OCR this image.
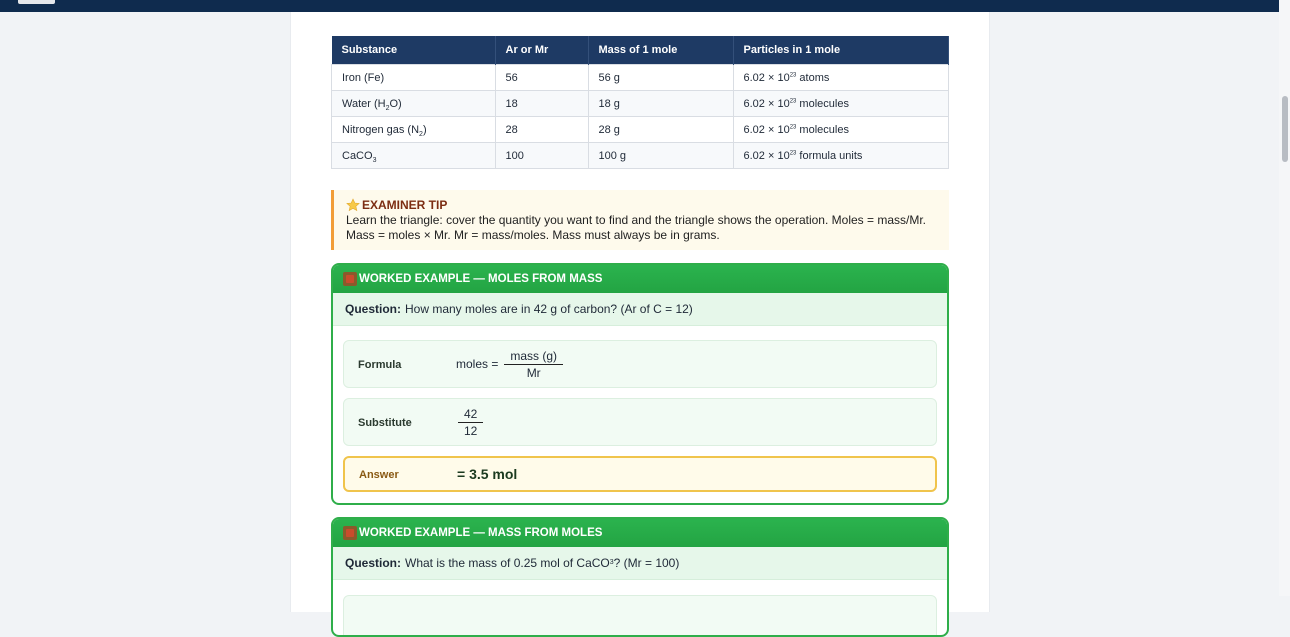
Substance	Ar or Mr	Mass of 1 mole	Particles in 1 mole
Iron (Fe)	56	56 g	$6.02 \times 10^{23}$ atoms
Water $(H_2O)$	18	18 g	$6.02 \times 10^{23}$ molecules
Nitrogen gas $(N_2)$	28	28 g	$6.02 \times 10^{23}$ molecules
CaCO$_3$	100	100 g	$6.02 \times 10^{23}$ formula units
EXAMINER TIP
Learn the triangle: cover the quantity you want to find and the triangle shows the operation. Moles = mass/Mr. Mass = moles × Mr. Mr = mass/moles. Mass must always be in grams.
WORKED EXAMPLE — MOLES FROM MASS
Question: How many moles are in 42 g of carbon? (Ar of C = 12)
Formula	moles = $\frac{\text{mass (g)}}{Mr}$
Substitute	$\frac{42}{12}$
Answer	= 3.5 mol
WORKED EXAMPLE — MASS FROM MOLES
Question: What is the mass of 0.25 mol of CaCO 3 ? (Mr = 100)
